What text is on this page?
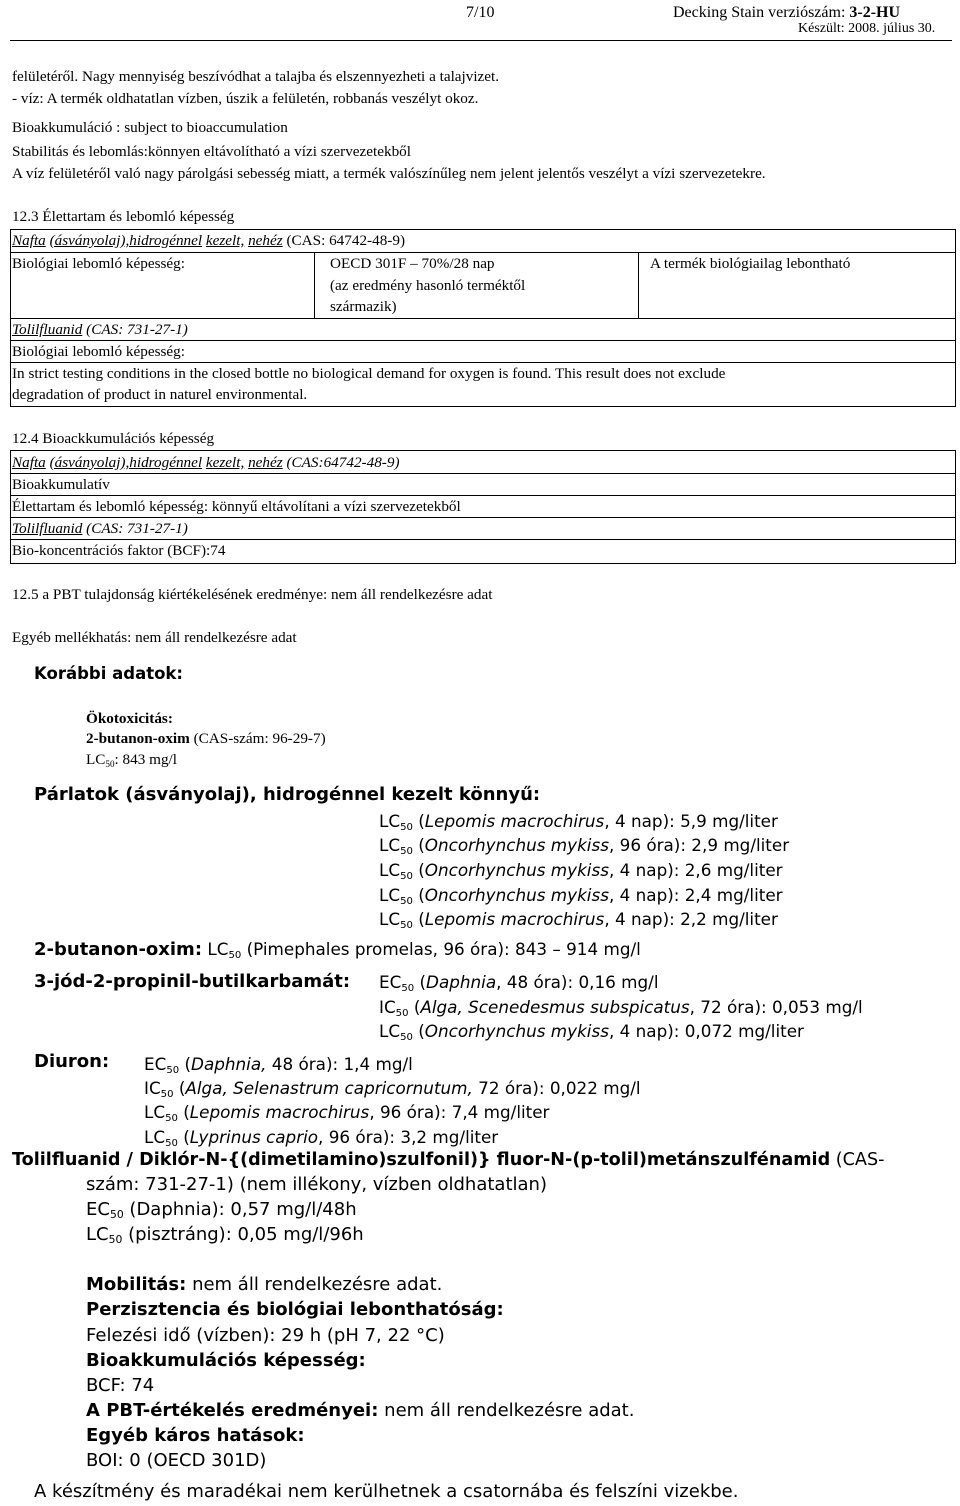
7/10	Decking Stain verziószám: 3-2-HU
Készült: 2008. július 30.
felületéről. Nagy mennyiség beszívódhat a talajba és elszennyezheti a talajvizet.
- víz: A termék oldhatatlan vízben, úszik a felületén, robbanás veszélyt okoz.
Bioakkumuláció : subject to bioaccumulation
Stabilitás és lebomlás:könnyen eltávolítható a vízi szervezetekből
A víz felületéről való nagy párolgási sebesség miatt, a termék valószínűleg nem jelent jelentős veszélyt a vízi szervezetekre.
12.3 Élettartam és lebomló képesség
Nafta (ásványolaj),hidrogénnel kezelt, nehéz (CAS: 64742-48-9)
Biológiai lebomló képesség:	OECD 301F – 70%/28 nap
(az eredmény hasonló terméktől
származik)
A termék biológiailag lebontható
Tolilfluanid (CAS: 731-27-1)
Biológiai lebomló képesség:
In strict testing conditions in the closed bottle no biological demand for oxygen is found. This result does not exclude
degradation of product in naturel environmental.
12.4 Bioackkumulációs képesség
Nafta (ásványolaj),hidrogénnel kezelt, nehéz (CAS:64742-48-9)
Bioakkumulatív
Élettartam és lebomló képesség: könnyű eltávolítani a vízi szervezetekből
Tolilfluanid (CAS: 731-27-1)
Bio-koncentrációs faktor (BCF):74
12.5 a PBT tulajdonság kiértékelésének eredménye: nem áll rendelkezésre adat
Egyéb mellékhatás: nem áll rendelkezésre adat
Korábbi adatok:
Ökotoxicitás:
2-butanon-oxim (CAS-szám: 96-29-7)
$LC_{50}$: 843 mg/l
Párlatok (ásványolaj), hidrogénnel kezelt könnyű:
$LC_{50}$ (Lepomis macrochirus, 4 nap): 5,9 mg/liter
$LC_{50}$ (Oncorhynchus mykiss, 96 óra): 2,9 mg/liter
$LC_{50}$ (Oncorhynchus mykiss, 4 nap): 2,6 mg/liter
$LC_{50}$ (Oncorhynchus mykiss, 4 nap): 2,4 mg/liter
$LC_{50}$ (Lepomis macrochirus, 4 nap): 2,2 mg/liter
2-butanon-oxim: $LC_{50}$ (Pimephales promelas, 96 óra): 843 – 914 mg/l
3-jód-2-propinil-butilkarbamát: $EC_{50}$ (Daphnia, 48 óra): 0,16 mg/l
$IC_{50}$ (Alga, Scenedesmus subspicatus, 72 óra): 0,053 mg/l
$LC_{50}$ (Oncorhynchus mykiss, 4 nap): 0,072 mg/liter
Diuron: $EC_{50}$ (Daphnia, 48 óra): 1,4 mg/l
$IC_{50}$ (Alga, Selenastrum capricornutum, 72 óra): 0,022 mg/l
$LC_{50}$ (Lepomis macrochirus, 96 óra): 7,4 mg/liter
$LC_{50}$ (Lyprinus caprio, 96 óra): 3,2 mg/liter
Tolilfluanid / Diklór-N-{(dimetilamino)szulfonil)} fluor-N-(p-tolil)metánszulfénamid (CAS-
szám: 731-27-1) (nem illékony, vízben oldhatatlan)
$EC_{50}$ (Daphnia): 0,57 mg/l/48h
$LC_{50}$ (pisztráng): 0,05 mg/l/96h
Mobilitás: nem áll rendelkezésre adat.
Perzisztencia és biológiai lebonthatóság:
Felezési idő (vízben): 29 h (pH 7, 22 °C)
Bioakkumulációs képesség:
BCF: 74
A PBT-értékelés eredményei: nem áll rendelkezésre adat.
Egyéb káros hatások:
BOI: 0 (OECD 301D)
A készítmény és maradékai nem kerülhetnek a csatornába és felszíni vizekbe.
